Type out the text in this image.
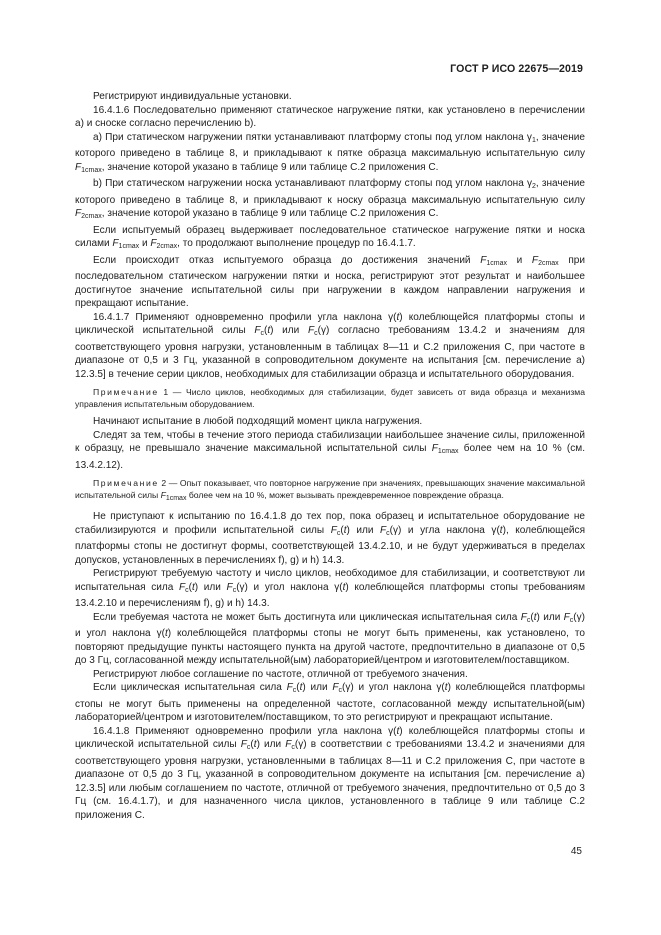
ГОСТ Р ИСО 22675—2019

Регистрируют индивидуальные установки.

16.4.1.6 Последовательно применяют статическое нагружение пятки, как установлено в перечислении а) и сноске согласно перечислению b).

a) При статическом нагружении пятки устанавливают платформу стопы под углом наклона $\gamma_1$, значение которого приведено в таблице 8, и прикладывают к пятке образца максимальную испытательную силу $F_{1cmax}$, значение которой указано в таблице 9 или таблице С.2 приложения С.

b) При статическом нагружении носка устанавливают платформу стопы под углом наклона $\gamma_2$, значение которого приведено в таблице 8, и прикладывают к носку образца максимальную испытательную силу $F_{2cmax}$, значение которой указано в таблице 9 или таблице С.2 приложения С.

Если испытуемый образец выдерживает последовательное статическое нагружение пятки и носка силами $F_{1cmax}$ и $F_{2cmax}$, то продолжают выполнение процедур по 16.4.1.7.

Если происходит отказ испытуемого образца до достижения значений $F_{1cmax}$ и $F_{2cmax}$ при последовательном статическом нагружении пятки и носка, регистрируют этот результат и наибольшее достигнутое значение испытательной силы при нагружении в каждом направлении нагружения и прекращают испытание.

16.4.1.7 Применяют одновременно профили угла наклона γ(t) колеблющейся платформы стопы и циклической испытательной силы $F_c(t)$ или $F_c(\gamma)$ согласно требованиям 13.4.2 и значениям для соответствующего уровня нагрузки, установленным в таблицах 8—11 и С.2 приложения С, при частоте в диапазоне от 0,5 и 3 Гц, указанной в сопроводительном документе на испытания [см. перечисление а) 12.3.5] в течение серии циклов, необходимых для стабилизации образца и испытательного оборудования.

Примечание 1 — Число циклов, необходимых для стабилизации, будет зависеть от вида образца и механизма управления испытательным оборудованием.

Начинают испытание в любой подходящий момент цикла нагружения.

Следят за тем, чтобы в течение этого периода стабилизации наибольшее значение силы, приложенной к образцу, не превышало значение максимальной испытательной силы $F_{1cmax}$ более чем на 10 % (см. 13.4.2.12).

Примечание 2 — Опыт показывает, что повторное нагружение при значениях, превышающих значение максимальной испытательной силы $F_{1cmax}$ более чем на 10 %, может вызывать преждевременное повреждение образца.

Не приступают к испытанию по 16.4.1.8 до тех пор, пока образец и испытательное оборудование не стабилизируются и профили испытательной силы $F_c(t)$ или $F_c(\gamma)$ и угла наклона γ(t), колеблющейся платформы стопы не достигнут формы, соответствующей 13.4.2.10, и не будут удерживаться в пределах допусков, установленных в перечислениях f), g) и h) 14.3.

Регистрируют требуемую частоту и число циклов, необходимое для стабилизации, и соответствуют ли испытательная сила $F_c(t)$ или $F_c(\gamma)$ и угол наклона γ(t) колеблющейся платформы стопы требованиям 13.4.2.10 и перечислениям f), g) и h) 14.3.

Если требуемая частота не может быть достигнута или циклическая испытательная сила $F_c(t)$ или $F_c(\gamma)$ и угол наклона γ(t) колеблющейся платформы стопы не могут быть применены, как установлено, то повторяют предыдущие пункты настоящего пункта на другой частоте, предпочтительно в диапазоне от 0,5 до 3 Гц, согласованной между испытательной(ым) лабораторией/центром и изготовителем/поставщиком.

Регистрируют любое соглашение по частоте, отличной от требуемого значения.

Если циклическая испытательная сила $F_c(t)$ или $F_c(\gamma)$ и угол наклона γ(t) колеблющейся платформы стопы не могут быть применены на определенной частоте, согласованной между испытательной(ым) лабораторией/центром и изготовителем/поставщиком, то это регистрируют и прекращают испытание.

16.4.1.8 Применяют одновременно профили угла наклона γ(t) колеблющейся платформы стопы и циклической испытательной силы $F_c(t)$ или $F_c(\gamma)$ в соответствии с требованиями 13.4.2 и значениями для соответствующего уровня нагрузки, установленными в таблицах 8—11 и С.2 приложения С, при частоте в диапазоне от 0,5 до 3 Гц, указанной в сопроводительном документе на испытания [см. перечисление а) 12.3.5] или любым соглашением по частоте, отличной от требуемого значения, предпочтительно от 0,5 до 3 Гц (см. 16.4.1.7), и для назначенного числа циклов, установленного в таблице 9 или таблице С.2 приложения С.

45
